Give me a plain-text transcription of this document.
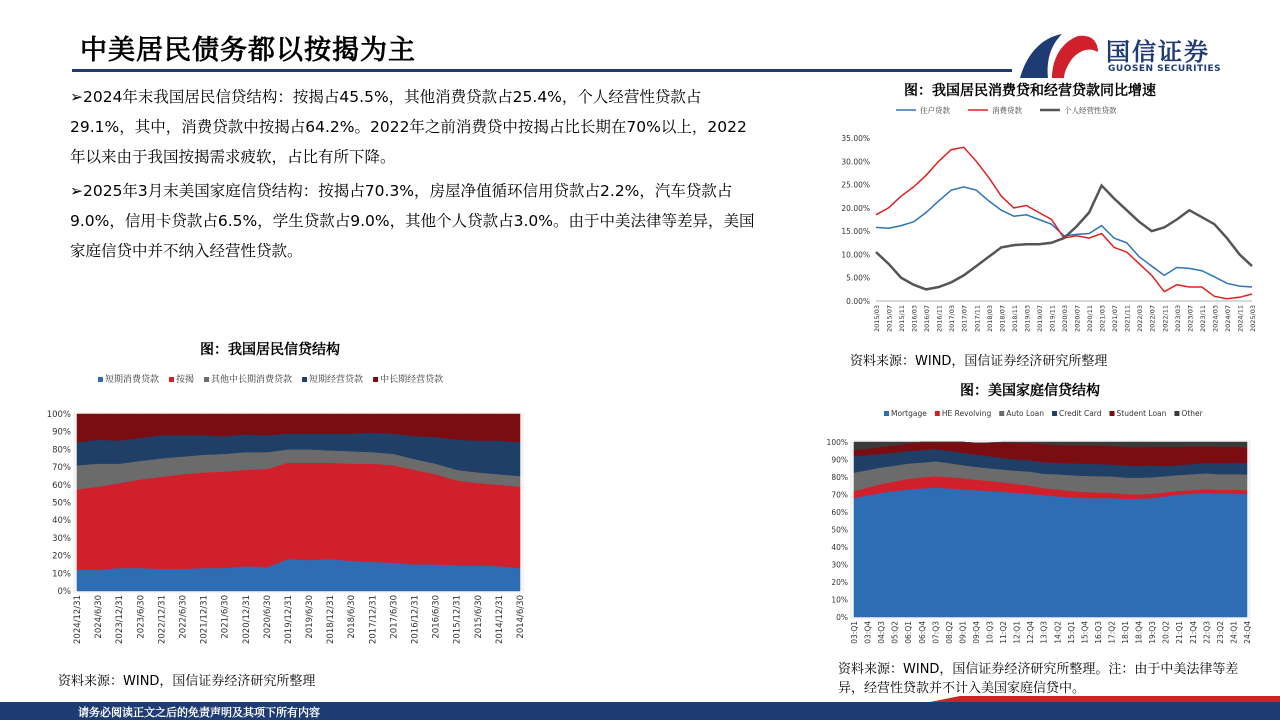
中美居民债务都以按揭为主	国信证券
GUOSEN SECURITIES
➢2024年末我国居民信贷结构：按揭占45.5%，其他消费贷款占25.4%，个人经营性贷款占29.1%，其中，消费贷款中按揭占64.2%。2022年之前消费贷中按揭占比长期在70%以上，2022年以来由于我国按揭需求疲软，占比有所下降。
➢2025年3月末美国家庭信贷结构：按揭占70.3%，房屋净值循环信用贷款占2.2%，汽车贷款占9.0%，信用卡贷款占6.5%，学生贷款占9.0%，其他个人贷款占3.0%。由于中美法律等差异，美国家庭信贷中并不纳入经营性贷款。
图：我国居民信贷结构
0%
10%
20%
30%
40%
50%
60%
70%
80%
90%
100%
2024/12/31 2024/6/30 2023/12/31 2023/6/30 2022/12/31 2022/6/30 2021/12/31 2021/6/30 2020/12/31 2020/6/30 2019/12/31 2019/6/30 2018/12/31 2018/6/30 2017/12/31 2017/6/30 2016/12/31 2016/6/30 2015/12/31 2015/6/30 2014/12/31 2014/6/30
短期消费贷款 按揭 其他中长期消费贷款 短期经营贷款 中长期经营贷款
资料来源：WIND，国信证券经济研究所整理
图：我国居民消费贷和经营贷款同比增速
0.00%
5.00%
10.00%
15.00%
20.00%
25.00%
30.00%
35.00%
2015/03 2015/07 2015/11 2016/03 2016/07 2016/11 2017/03 2017/07 2017/11 2018/03 2018/07 2018/11 2019/03 2019/07 2019/11 2020/03 2020/07 2020/11 2021/03 2021/07 2021/11 2022/03 2022/07 2022/11 2023/03 2023/07 2023/11 2024/03 2024/07 2024/11 2025/03
住户贷款	消费贷款	个人经营性贷款
资料来源：WIND，国信证券经济研究所整理
图：美国家庭信贷结构
0%
10%
20%
30%
40%
50%
60%
70%
80%
90%
100%
03:Q1 03:Q4 04:Q3 05:Q2 06:Q1 06:Q4 07:Q3 08:Q2 09:Q1 09:Q4 10:Q3 11:Q2 12:Q1 12:Q4 13:Q3 14:Q2 15:Q1 15:Q4 16:Q3 17:Q2 18:Q1 18:Q4 19:Q3 20:Q2 21:Q1 21:Q4 22:Q3 23:Q2 24:Q1 24:Q4
Mortgage HE Revolving Auto Loan Credit Card Student Loan Other
资料来源：WIND，国信证券经济研究所整理。注：由于中美法律等差异，经营性贷款并不计入美国家庭信贷中。
请务必阅读正文之后的免责声明及其项下所有内容
